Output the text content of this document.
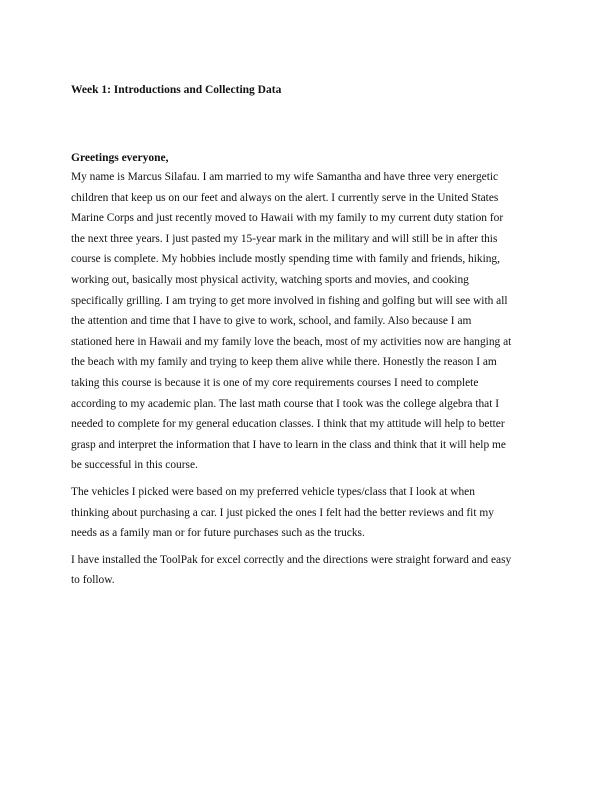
Week 1: Introductions and Collecting Data

Greetings everyone,

My name is Marcus Silafau. I am married to my wife Samantha and have three very energetic
children that keep us on our feet and always on the alert. I currently serve in the United States
Marine Corps and just recently moved to Hawaii with my family to my current duty station for
the next three years. I just pasted my 15-year mark in the military and will still be in after this
course is complete. My hobbies include mostly spending time with family and friends, hiking,
working out, basically most physical activity, watching sports and movies, and cooking
specifically grilling. I am trying to get more involved in fishing and golfing but will see with all
the attention and time that I have to give to work, school, and family. Also because I am
stationed here in Hawaii and my family love the beach, most of my activities now are hanging at
the beach with my family and trying to keep them alive while there. Honestly the reason I am
taking this course is because it is one of my core requirements courses I need to complete
according to my academic plan. The last math course that I took was the college algebra that I
needed to complete for my general education classes. I think that my attitude will help to better
grasp and interpret the information that I have to learn in the class and think that it will help me
be successful in this course.

The vehicles I picked were based on my preferred vehicle types/class that I look at when
thinking about purchasing a car. I just picked the ones I felt had the better reviews and fit my
needs as a family man or for future purchases such as the trucks.

I have installed the ToolPak for excel correctly and the directions were straight forward and easy
to follow.
